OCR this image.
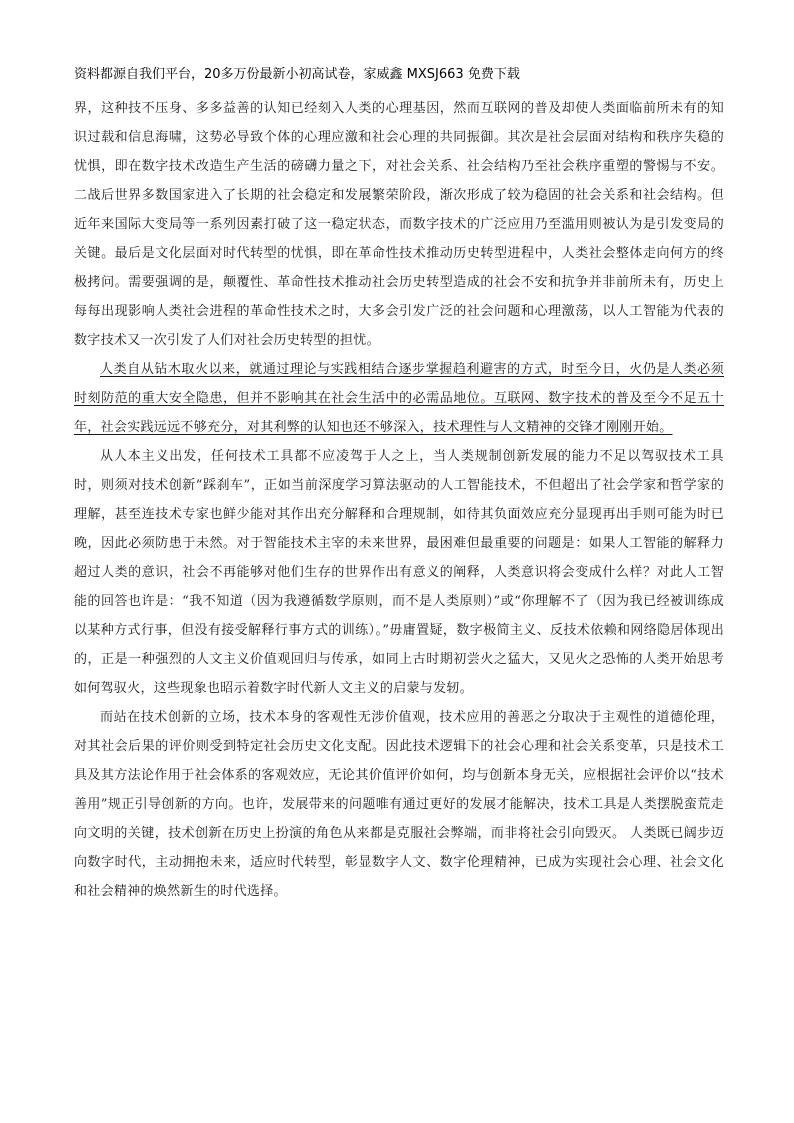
资料都源自我们平台，20多万份最新小初高试卷，家威鑫 MXSJ663 免费下载

界，这种技不压身、多多益善的认知已经刻入人类的心理基因，然而互联网的普及却使人类面临前所未有的知识过载和信息海啸，这势必导致个体的心理应激和社会心理的共同振御。其次是社会层面对结构和秩序失稳的忧惧，即在数字技术改造生产生活的磅礴力量之下，对社会关系、社会结构乃至社会秩序重塑的警惕与不安。二战后世界多数国家进入了长期的社会稳定和发展繁荣阶段，渐次形成了较为稳固的社会关系和社会结构。但近年来国际大变局等一系列因素打破了这一稳定状态，而数字技术的广泛应用乃至滥用则被认为是引发变局的关键。最后是文化层面对时代转型的忧惧，即在革命性技术推动历史转型进程中，人类社会整体走向何方的终极拷问。需要强调的是，颠覆性、革命性技术推动社会历史转型造成的社会不安和抗争并非前所未有，历史上每每出现影响人类社会进程的革命性技术之时，大多会引发广泛的社会问题和心理激荡，以人工智能为代表的数字技术又一次引发了人们对社会历史转型的担忧。

人类自从钻木取火以来，就通过理论与实践相结合逐步掌握趋利避害的方式，时至今日，火仍是人类必须时刻防范的重大安全隐患，但并不影响其在社会生活中的必需品地位。互联网、数字技术的普及至今不足五十年，社会实践远远不够充分，对其利弊的认知也还不够深入，技术理性与人文精神的交锋才刚刚开始。

从人本主义出发，任何技术工具都不应凌驾于人之上，当人类规制创新发展的能力不足以驾驭技术工具时，则须对技术创新“踩刹车”，正如当前深度学习算法驱动的人工智能技术，不但超出了社会学家和哲学家的理解，甚至连技术专家也鲜少能对其作出充分解释和合理规制，如待其负面效应充分显现再出手则可能为时已晚，因此必须防患于未然。对于智能技术主宰的未来世界，最困难但最重要的问题是：如果人工智能的解释力超过人类的意识，社会不再能够对他们生存的世界作出有意义的阐释，人类意识将会变成什么样？对此人工智能的回答也许是：“我不知道（因为我遵循数学原则，而不是人类原则）”或“你理解不了（因为我已经被训练成以某种方式行事，但没有接受解释行事方式的训练）。”毋庸置疑，数字极简主义、反技术依赖和网络隐居体现出的，正是一种强烈的人文主义价值观回归与传承，如同上古时期初尝火之猛大，又见火之恐怖的人类开始思考如何驾驭火，这些现象也昭示着数字时代新人文主义的启蒙与发轫。

而站在技术创新的立场，技术本身的客观性无涉价值观，技术应用的善恶之分取决于主观性的道德伦理，对其社会后果的评价则受到特定社会历史文化支配。因此技术逻辑下的社会心理和社会关系变革，只是技术工具及其方法论作用于社会体系的客观效应，无论其价值评价如何，均与创新本身无关，应根据社会评价以“技术善用”规正引导创新的方向。也许，发展带来的问题唯有通过更好的发展才能解决，技术工具是人类摆脱蛮荒走向文明的关键，技术创新在历史上扮演的角色从来都是克服社会弊端，而非将社会引向毁灭。 人类既已阔步迈向数字时代，主动拥抱未来，适应时代转型，彰显数字人文、数字伦理精神，已成为实现社会心理、社会文化和社会精神的焕然新生的时代选择。
